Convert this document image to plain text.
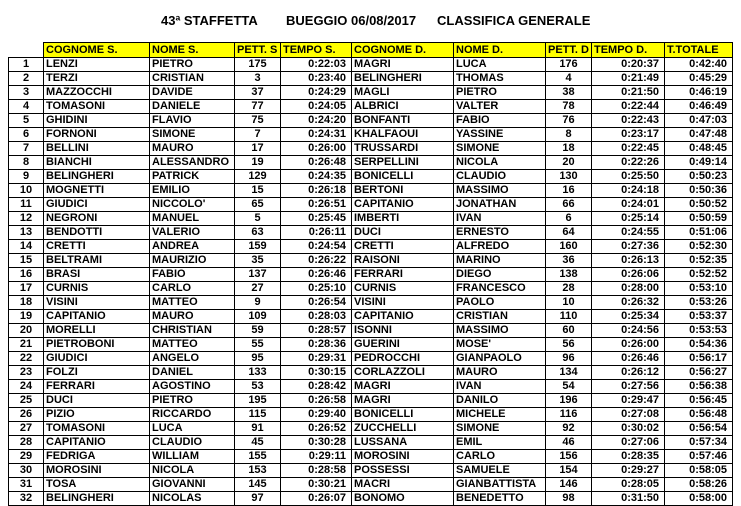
43ª STAFFETTA BUEGGIO 06/08/2017 CLASSIFICA GENERALE
	COGNOME S.	NOME S.	PETT. S	TEMPO S.	COGNOME D.	NOME D.	PETT. D	TEMPO D.	T.TOTALE
1	LENZI	PIETRO	175	0:22:03	MAGRI	LUCA	176	0:20:37	0:42:40
2	TERZI	CRISTIAN	3	0:23:40	BELINGHERI	THOMAS	4	0:21:49	0:45:29
3	MAZZOCCHI	DAVIDE	37	0:24:29	MAGLI	PIETRO	38	0:21:50	0:46:19
4	TOMASONI	DANIELE	77	0:24:05	ALBRICI	VALTER	78	0:22:44	0:46:49
5	GHIDINI	FLAVIO	75	0:24:20	BONFANTI	FABIO	76	0:22:43	0:47:03
6	FORNONI	SIMONE	7	0:24:31	KHALFAOUI	YASSINE	8	0:23:17	0:47:48
7	BELLINI	MAURO	17	0:26:00	TRUSSARDI	SIMONE	18	0:22:45	0:48:45
8	BIANCHI	ALESSANDRO	19	0:26:48	SERPELLINI	NICOLA	20	0:22:26	0:49:14
9	BELINGHERI	PATRICK	129	0:24:35	BONICELLI	CLAUDIO	130	0:25:50	0:50:23
10	MOGNETTI	EMILIO	15	0:26:18	BERTONI	MASSIMO	16	0:24:18	0:50:36
11	GIUDICI	NICCOLO'	65	0:26:51	CAPITANIO	JONATHAN	66	0:24:01	0:50:52
12	NEGRONI	MANUEL	5	0:25:45	IMBERTI	IVAN	6	0:25:14	0:50:59
13	BENDOTTI	VALERIO	63	0:26:11	DUCI	ERNESTO	64	0:24:55	0:51:06
14	CRETTI	ANDREA	159	0:24:54	CRETTI	ALFREDO	160	0:27:36	0:52:30
15	BELTRAMI	MAURIZIO	35	0:26:22	RAISONI	MARINO	36	0:26:13	0:52:35
16	BRASI	FABIO	137	0:26:46	FERRARI	DIEGO	138	0:26:06	0:52:52
17	CURNIS	CARLO	27	0:25:10	CURNIS	FRANCESCO	28	0:28:00	0:53:10
18	VISINI	MATTEO	9	0:26:54	VISINI	PAOLO	10	0:26:32	0:53:26
19	CAPITANIO	MAURO	109	0:28:03	CAPITANIO	CRISTIAN	110	0:25:34	0:53:37
20	MORELLI	CHRISTIAN	59	0:28:57	ISONNI	MASSIMO	60	0:24:56	0:53:53
21	PIETROBONI	MATTEO	55	0:28:36	GUERINI	MOSE'	56	0:26:00	0:54:36
22	GIUDICI	ANGELO	95	0:29:31	PEDROCCHI	GIANPAOLO	96	0:26:46	0:56:17
23	FOLZI	DANIEL	133	0:30:15	CORLAZZOLI	MAURO	134	0:26:12	0:56:27
24	FERRARI	AGOSTINO	53	0:28:42	MAGRI	IVAN	54	0:27:56	0:56:38
25	DUCI	PIETRO	195	0:26:58	MAGRI	DANILO	196	0:29:47	0:56:45
26	PIZIO	RICCARDO	115	0:29:40	BONICELLI	MICHELE	116	0:27:08	0:56:48
27	TOMASONI	LUCA	91	0:26:52	ZUCCHELLI	SIMONE	92	0:30:02	0:56:54
28	CAPITANIO	CLAUDIO	45	0:30:28	LUSSANA	EMIL	46	0:27:06	0:57:34
29	FEDRIGA	WILLIAM	155	0:29:11	MOROSINI	CARLO	156	0:28:35	0:57:46
30	MOROSINI	NICOLA	153	0:28:58	POSSESSI	SAMUELE	154	0:29:27	0:58:05
31	TOSA	GIOVANNI	145	0:30:21	MACRI	GIANBATTISTA	146	0:28:05	0:58:26
32	BELINGHERI	NICOLAS	97	0:26:07	BONOMO	BENEDETTO	98	0:31:50	0:58:00
